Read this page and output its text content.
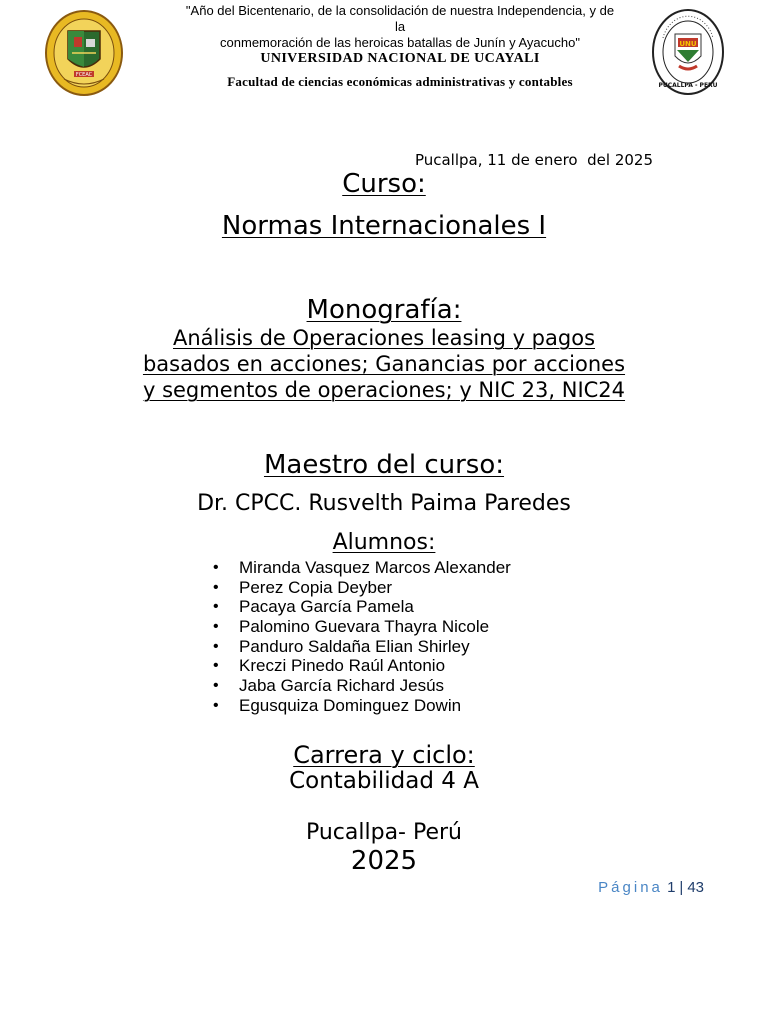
FCEAC
UNU
PUCALLPA - PERU
"Año del Bicentenario, de la consolidación de nuestra Independencia, y de la
conmemoración de las heroicas batallas de Junín y Ayacucho"
UNIVERSIDAD NACIONAL DE UCAYALI
Facultad de ciencias económicas administrativas y contables
Pucallpa, 11 de enero  del 2025
Curso:
Normas Internacionales I
Monografía:
Análisis de Operaciones leasing y pagos
basados en acciones; Ganancias por acciones
y segmentos de operaciones; y NIC 23, NIC24
Maestro del curso:
Dr. CPCC. Rusvelth Paima Paredes
Alumnos:
• Miranda Vasquez Marcos Alexander
• Perez Copia Deyber
• Pacaya García Pamela
• Palomino Guevara Thayra Nicole
• Panduro Saldaña Elian Shirley
• Kreczi Pinedo Raúl Antonio
• Jaba García Richard Jesús
• Egusquiza Dominguez Dowin
Carrera y ciclo:
Contabilidad 4 A
Pucallpa- Perú
2025
Página 1 | 43
